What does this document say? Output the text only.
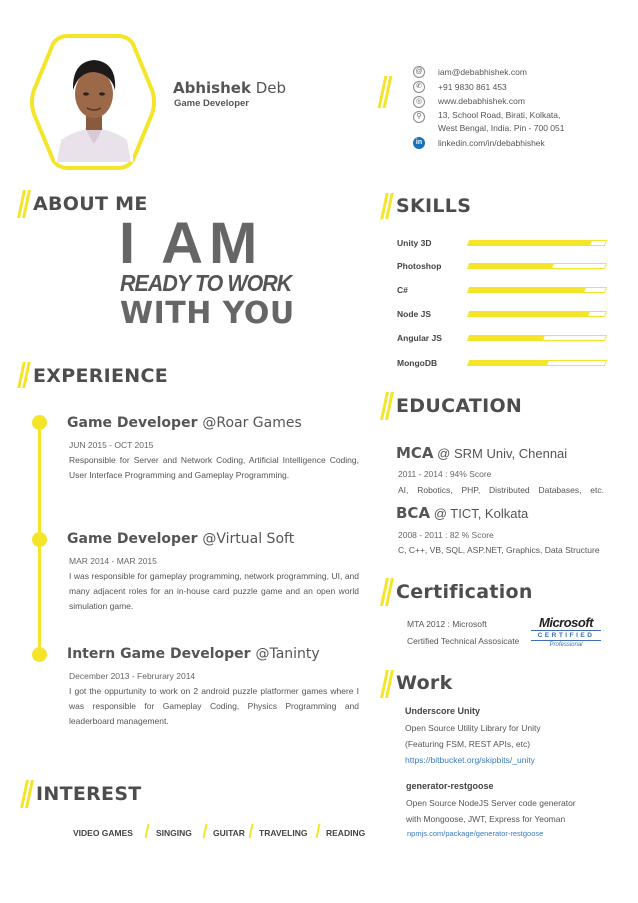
Abhishek Deb
Game Developer
@ iam@debabhishek.com
✆	+91 9830 861 453
◎	www.debabhishek.com
⚲	13, School Road, Birati, Kolkata,
West Bengal, India. Pin - 700 051
in	linkedin.com/in/debabhishek
ABOUT ME
I AM
READY TO WORK
WITH YOU
SKILLS
Unity 3D
Photoshop
C#
Node JS
Angular JS
MongoDB
EXPERIENCE
Game Developer @Roar Games
JUN 2015 - OCT 2015
Responsible for Server and Network Coding, Artificial Intelligence Coding, User Interface Programming and Gameplay Programming.
Game Developer @Virtual Soft
MAR 2014 - MAR 2015
I was responsible for gameplay programming, network programming, UI, and many adjacent roles for an in-house card puzzle game and an open world simulation game.
Intern Game Developer @Taninty
December 2013 - Februrary 2014
I got the oppurtunity to work on 2 android puzzle platformer games where I was responsible for Gameplay Coding, Physics Programming and leaderboard management.
EDUCATION
MCA @ SRM Univ, Chennai
2011 - 2014 : 94% Score
AI, Robotics, PHP, Distributed Databases, etc.
BCA @ TICT, Kolkata
2008 - 2011 : 82 % Score
C, C++, VB, SQL, ASP.NET, Graphics, Data Structure
Certification
MTA 2012 : Microsoft
Certified Technical Assosicate
Microsoft
CERTIFIED
Professional
Work
Underscore Unity
Open Source Utility Library for Unity
(Featuring FSM, REST APIs, etc)
https://bitbucket.org/skipbits/_unity
generator-restgoose
Open Source NodeJS Server code generator
with Mongoose, JWT, Express for Yeoman
npmjs.com/package/generator-restgoose
INTEREST
VIDEO GAMES	SINGING GUITAR TRAVELING READING
